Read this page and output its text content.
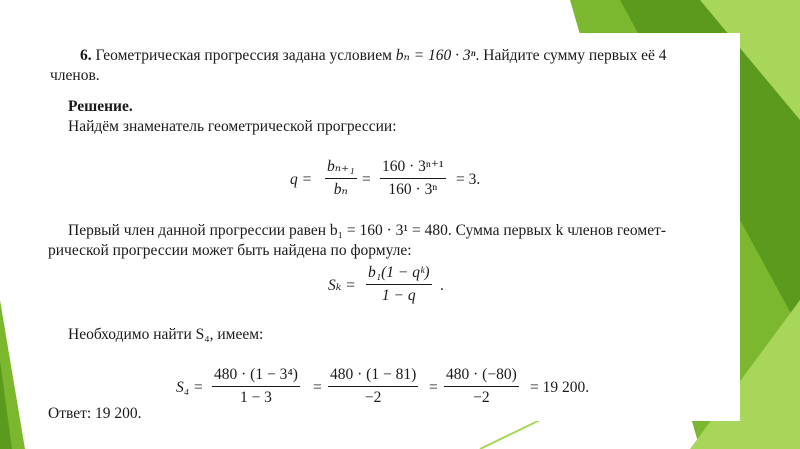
6. Геометрическая прогрессия задана условием bₙ = 160 · 3ⁿ. Найдите сумму первых её 4
членов.
Решение.
Найдём знаменатель геометрической прогрессии:
q =
bₙ₊₁
bₙ
=
160 · 3ⁿ⁺¹
160 · 3ⁿ
= 3.
Первый член данной прогрессии равен b₁ = 160 · 3¹ = 480. Сумма первых k членов геомет-
рической прогрессии может быть найдена по формуле:
Sₖ =
b₁(1 − qᵏ)
1 − q
.
Необходимо найти S₄, имеем:
S₄ =
480 · (1 − 3⁴)
1 − 3
=
480 · (1 − 81)
−2
=
480 · (−80)
−2
= 19 200.
Ответ: 19 200.
